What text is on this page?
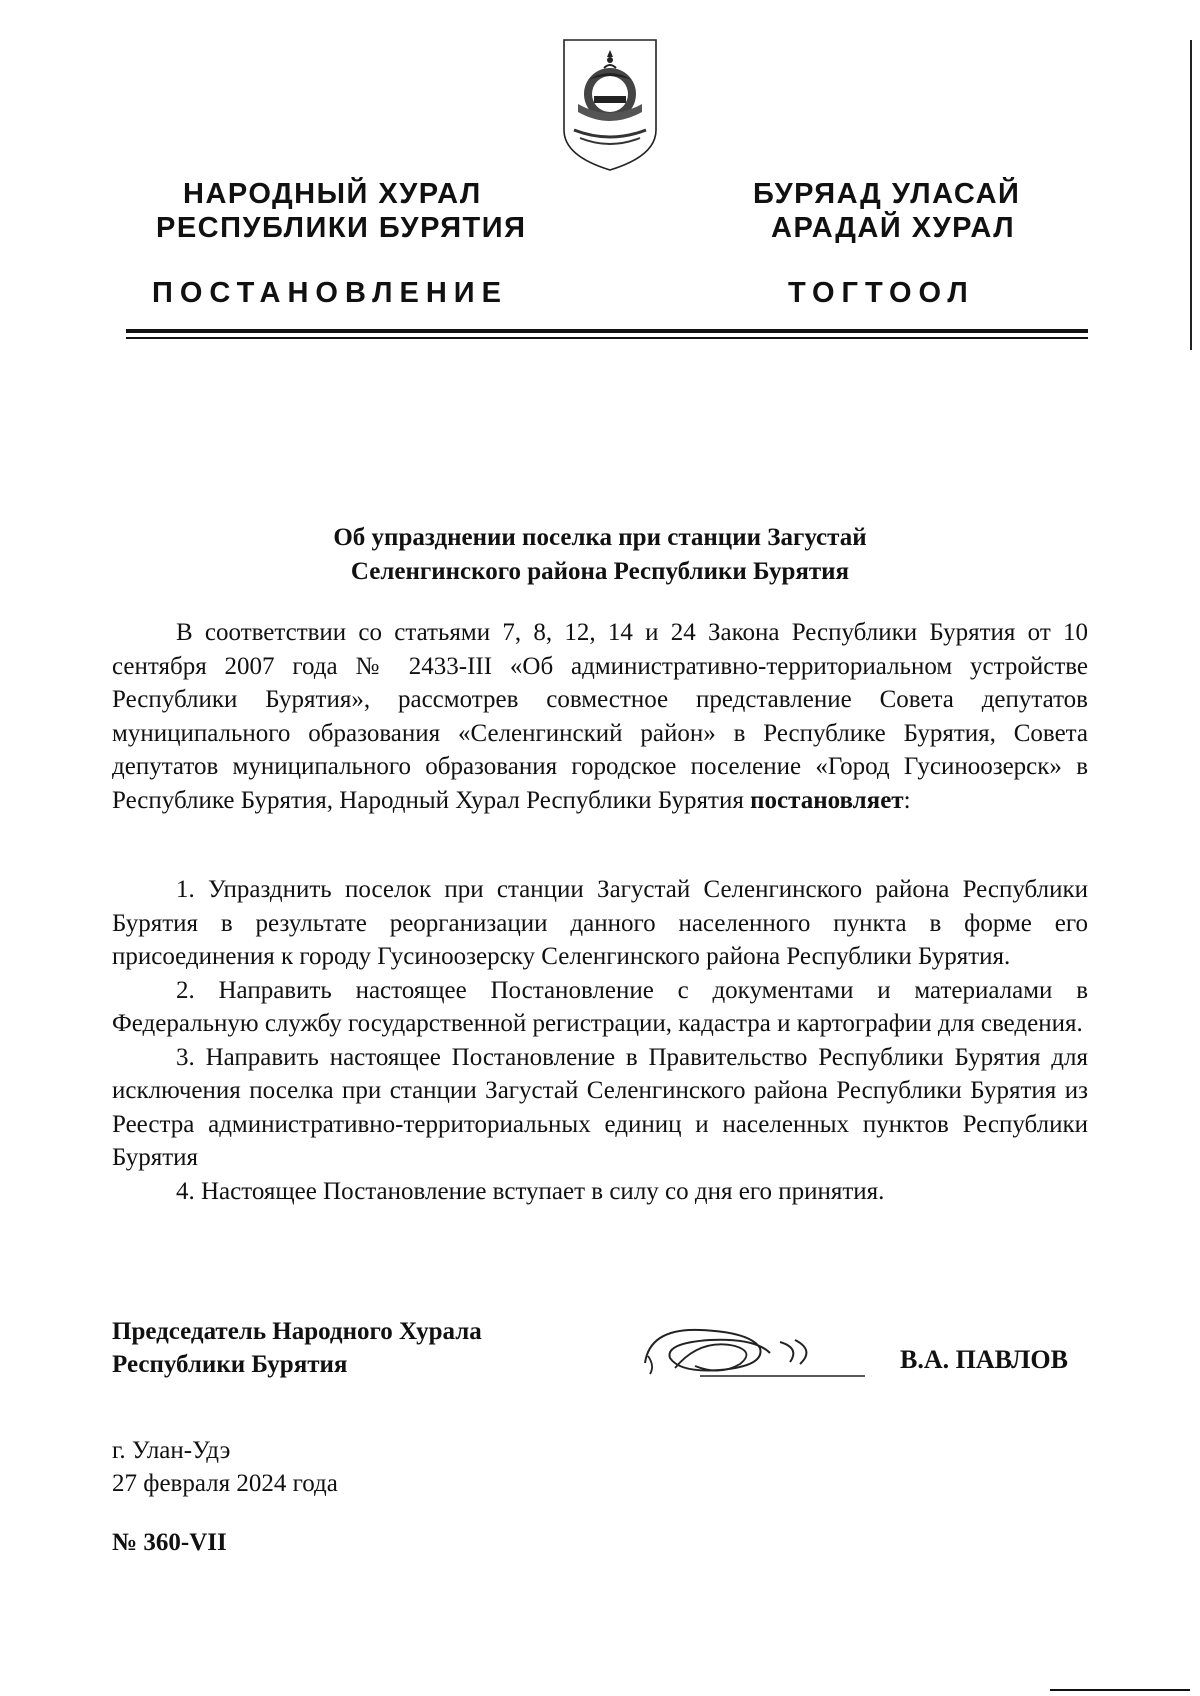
НАРОДНЫЙ ХУРАЛ
РЕСПУБЛИКИ БУРЯТИЯ
БУРЯАД УЛАСАЙ
АРАДАЙ ХУРАЛ
ПОСТАНОВЛЕНИЕ	ТОГТООЛ
Об упразднении поселка при станции Загустай
Селенгинского района Республики Бурятия
В соответствии со статьями 7, 8, 12, 14 и 24 Закона Республики Бурятия от 10 сентября 2007 года № 2433-III «Об административно-территориальном устройстве Республики Бурятия», рассмотрев совместное представление Совета депутатов муниципального образования «Селенгинский район» в Республике Бурятия, Совета депутатов муниципального образования городское поселение «Город Гусиноозерск» в Республике Бурятия, Народный Хурал Республики Бурятия постановляет:
1. Упразднить поселок при станции Загустай Селенгинского района Республики Бурятия в результате реорганизации данного населенного пункта в форме его присоединения к городу Гусиноозерску Селенгинского района Республики Бурятия.
2. Направить настоящее Постановление с документами и материалами в Федеральную службу государственной регистрации, кадастра и картографии для сведения.
3. Направить настоящее Постановление в Правительство Республики Бурятия для исключения поселка при станции Загустай Селенгинского района Республики Бурятия из Реестра административно-территориальных единиц и населенных пунктов Республики Бурятия
4. Настоящее Постановление вступает в силу со дня его принятия.
Председатель Народного Хурала
Республики Бурятия	В.А. ПАВЛОВ
г. Улан-Удэ
27 февраля 2024 года
№ 360-VII
